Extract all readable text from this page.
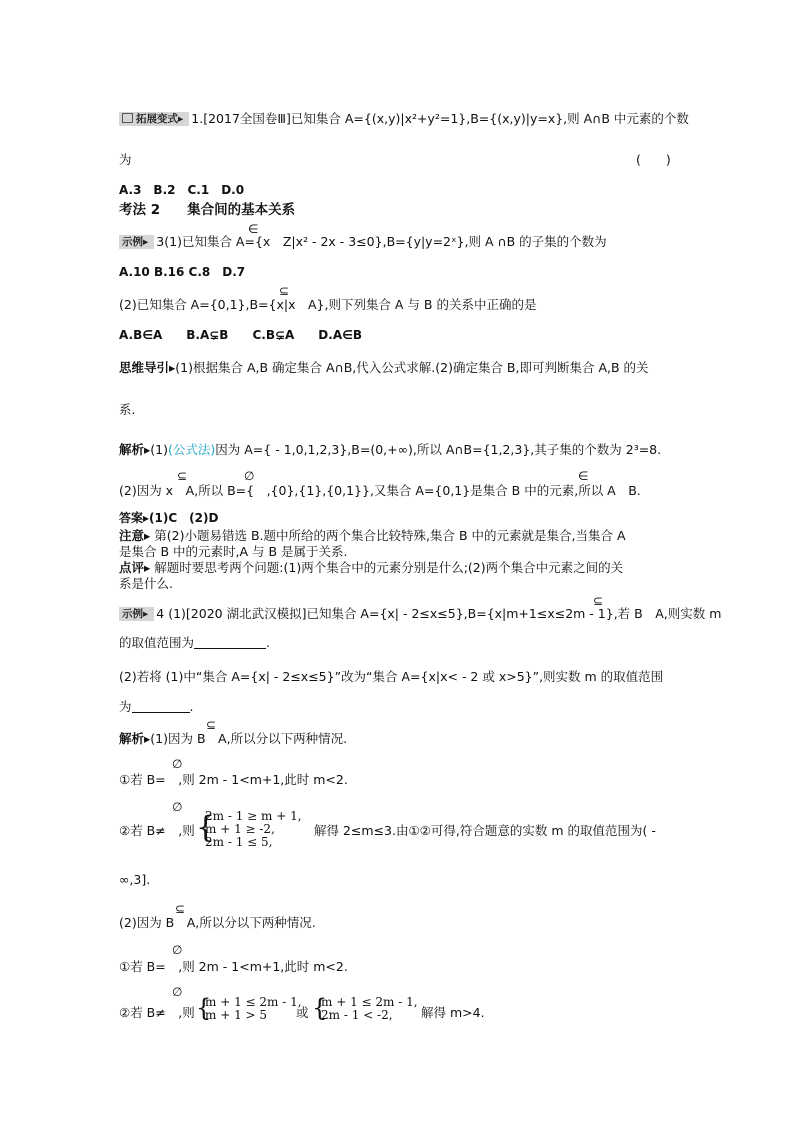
拓展变式▸ 1.[2017全国卷Ⅲ]已知集合 A={(x,y)|x²+y²=1},B={(x,y)|y=x},则 A∩B 中元素的个数
为	(　　)
A.3　B.2　C.1　D.0
考法 2　　集合间的基本关系
∈
示例▸ 3(1)已知集合 A={x　 Z|x² - 2x - 3≤0},B={y|y=2ˣ},则 A ∩B 的子集的个数为
A.10 B.16 C.8　D.7
⊆
(2)已知集合 A={0,1},B={x|x　A},则下列集合 A 与 B 的关系中正确的是
A.B∈A　　B.A⊊B　　C.B⊊A　　D.A∈B
思维导引▸(1)根据集合 A,B 确定集合 A∩B,代入公式求解.(2)确定集合 B,即可判断集合 A,B 的关
系.
解析▸(1)(公式法)因为 A={ - 1,0,1,2,3},B=(0,+∞),所以 A∩B={1,2,3},其子集的个数为 2³=8.
⊆	∅	∈
(2)因为 x　A,所以 B={　,{0},{1},{0,1}},又集合 A={0,1}是集合 B 中的元素,所以 A　B.
答案▸(1)C　(2)D
注意▸ 第(2)小题易错选 B.题中所给的两个集合比较特殊,集合 B 中的元素就是集合,当集合 A
是集合 B 中的元素时,A 与 B 是属于关系.
点评▸ 解题时要思考两个问题:(1)两个集合中的元素分别是什么;(2)两个集合中元素之间的关
系是什么.
⊆
示例▸ 4 (1)[2020 湖北武汉模拟]已知集合 A={x| - 2≤x≤5},B={x|m+1≤x≤2m - 1},若 B　A,则实数 m
的取值范围为	.
(2)若将 (1)中“集合 A={x| - 2≤x≤5}”改为“集合 A={x|x< - 2 或 x>5}”,则实数 m 的取值范围
为	.
⊆
解析▸(1)因为 B　A,所以分以下两种情况.
∅
①若 B=　,则 2m - 1<m+1,此时 m<2.
∅
②若 B≠　,则 {
2m - 1 ≥ m + 1,
m + 1 ≥ -2,
2m - 1 ≤ 5,
解得 2≤m≤3.由①②可得,符合题意的实数 m 的取值范围为( -
∞,3].
⊆
(2)因为 B　A,所以分以下两种情况.
∅
①若 B=　,则 2m - 1<m+1,此时 m<2.
∅
②若 B≠　,则 {
m + 1 ≤ 2m - 1,
m + 1 > 5	或 {
m + 1 ≤ 2m - 1,
2m - 1 < -2,	解得 m>4.
